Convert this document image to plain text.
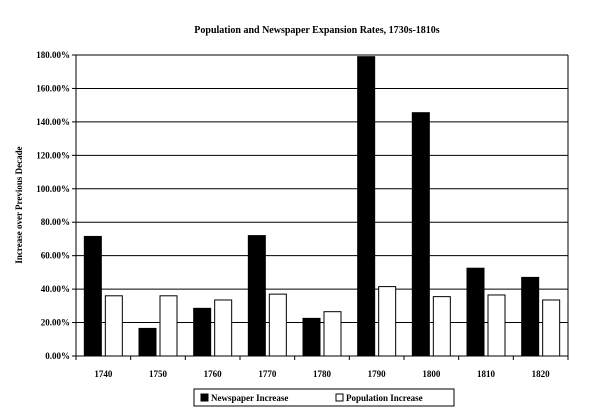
Population and Newspaper Expansion Rates, 1730s-1810s
0.00%
20.00%
40.00%
60.00%
80.00%
100.00%
120.00%
140.00%
160.00%
180.00%
1740	1750	1760	1770	1780	1790	1800	1810	1820
Increase over Previous Decade
Newspaper Increase	Population Increase
